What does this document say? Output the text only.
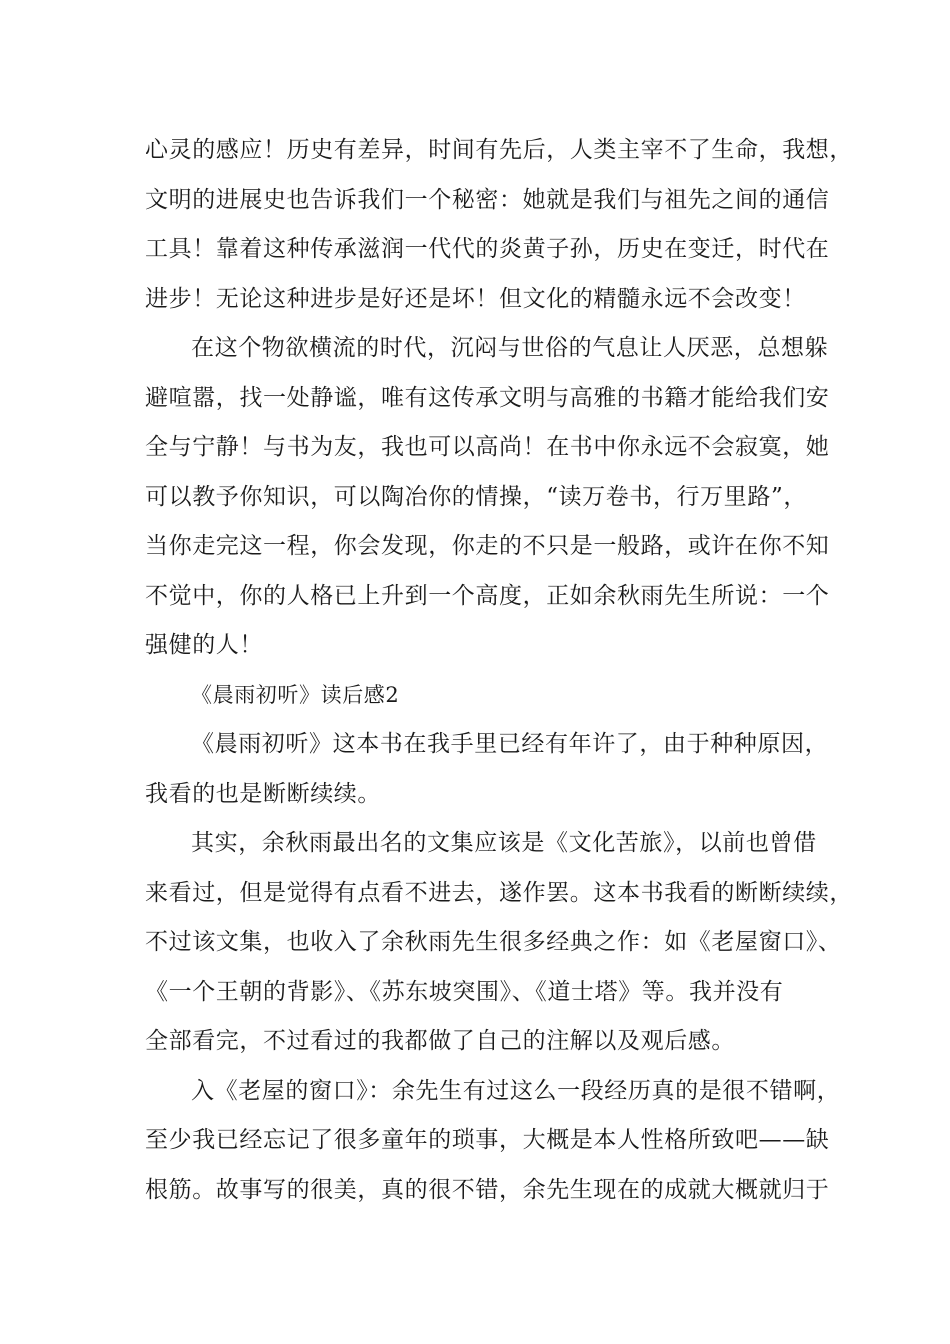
心灵的感应！历史有差异，时间有先后，人类主宰不了生命，我想，
文明的进展史也告诉我们一个秘密：她就是我们与祖先之间的通信
工具！靠着这种传承滋润一代代的炎黄子孙，历史在变迁，时代在
进步！无论这种进步是好还是坏！但文化的精髓永远不会改变！
在这个物欲横流的时代，沉闷与世俗的气息让人厌恶，总想躲
避喧嚣，找一处静谧，唯有这传承文明与高雅的书籍才能给我们安
全与宁静！与书为友，我也可以高尚！在书中你永远不会寂寞，她
可以教予你知识，可以陶冶你的情操，“读万卷书，行万里路”，
当你走完这一程，你会发现，你走的不只是一般路，或许在你不知
不觉中，你的人格已上升到一个高度，正如余秋雨先生所说：一个
强健的人！
《晨雨初听》读后感2
《晨雨初听》这本书在我手里已经有年许了，由于种种原因，
我看的也是断断续续。
其实，余秋雨最出名的文集应该是《文化苦旅》，以前也曾借
来看过，但是觉得有点看不进去，遂作罢。这本书我看的断断续续，
不过该文集，也收入了余秋雨先生很多经典之作：如《老屋窗口》、
《一个王朝的背影》、《苏东坡突围》、《道士塔》等。我并没有
全部看完，不过看过的我都做了自己的注解以及观后感。
入《老屋的窗口》：余先生有过这么一段经历真的是很不错啊，
至少我已经忘记了很多童年的琐事，大概是本人性格所致吧——缺
根筋。故事写的很美，真的很不错，余先生现在的成就大概就归于
